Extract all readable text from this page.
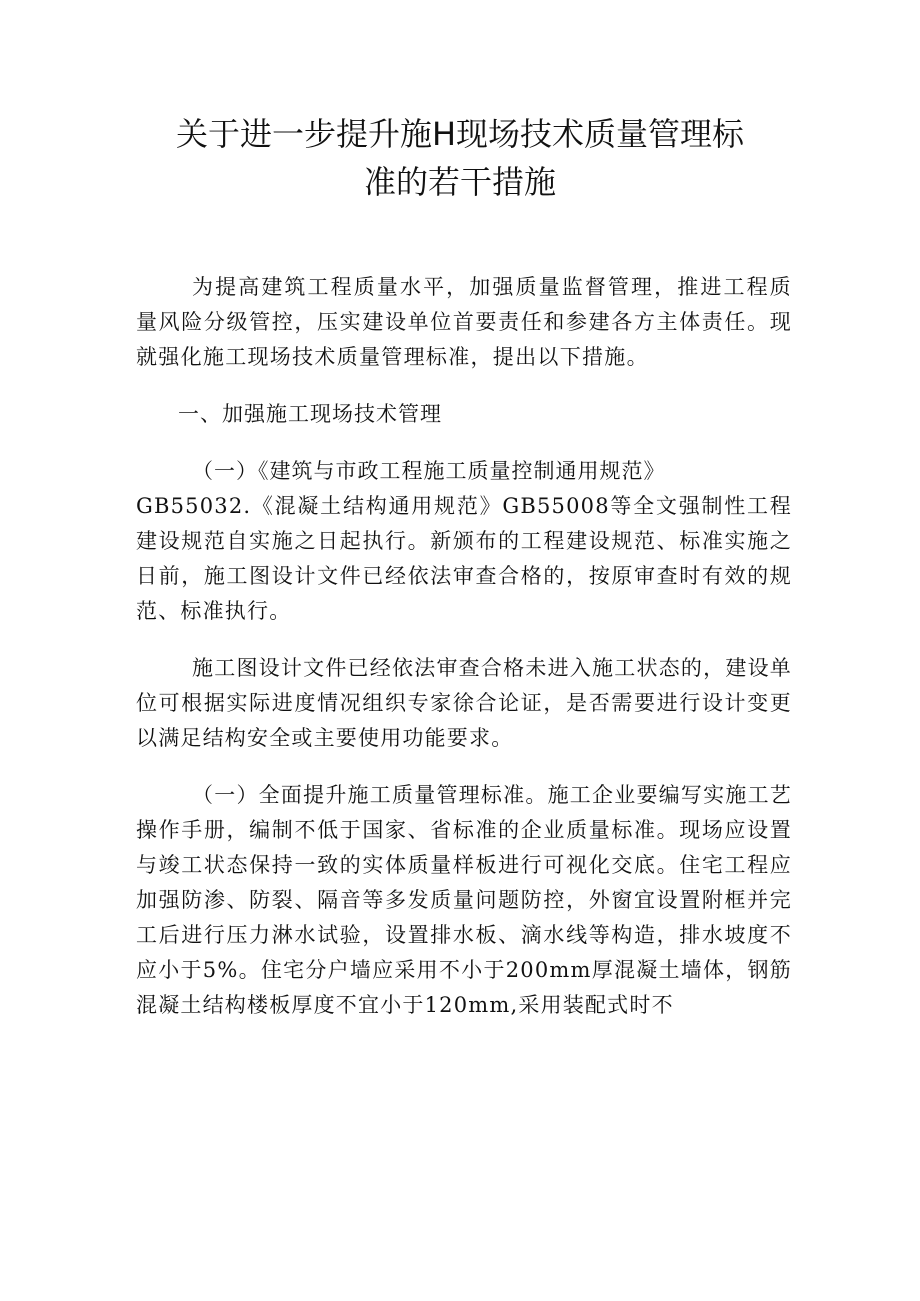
关于进一步提升施H现场技术质量管理标
准的若干措施

为提高建筑工程质量水平，加强质量监督管理，推进工程质量风险分级管控，压实建设单位首要责任和参建各方主体责任。现就强化施工现场技术质量管理标准，提出以下措施。

一、加强施工现场技术管理

（一）《建筑与市政工程施工质量控制通用规范》
GB55032.《混凝土结构通用规范》GB55008等全文强制性工程建设规范自实施之日起执行。新颁布的工程建设规范、标准实施之日前，施工图设计文件已经依法审查合格的，按原审查时有效的规范、标准执行。

施工图设计文件已经依法审查合格未进入施工状态的，建设单位可根据实际进度情况组织专家徐合论证，是否需要进行设计变更以满足结构安全或主要使用功能要求。

（一）全面提升施工质量管理标准。施工企业要编写实施工艺操作手册，编制不低于国家、省标准的企业质量标准。现场应设置与竣工状态保持一致的实体质量样板进行可视化交底。住宅工程应加强防渗、防裂、隔音等多发质量问题防控，外窗宜设置附框并完工后进行压力淋水试验，设置排水板、滴水线等构造，排水坡度不应小于5%。住宅分户墙应采用不小于200mm厚混凝土墙体，钢筋混凝土结构楼板厚度不宜小于120mm,采用装配式时不
